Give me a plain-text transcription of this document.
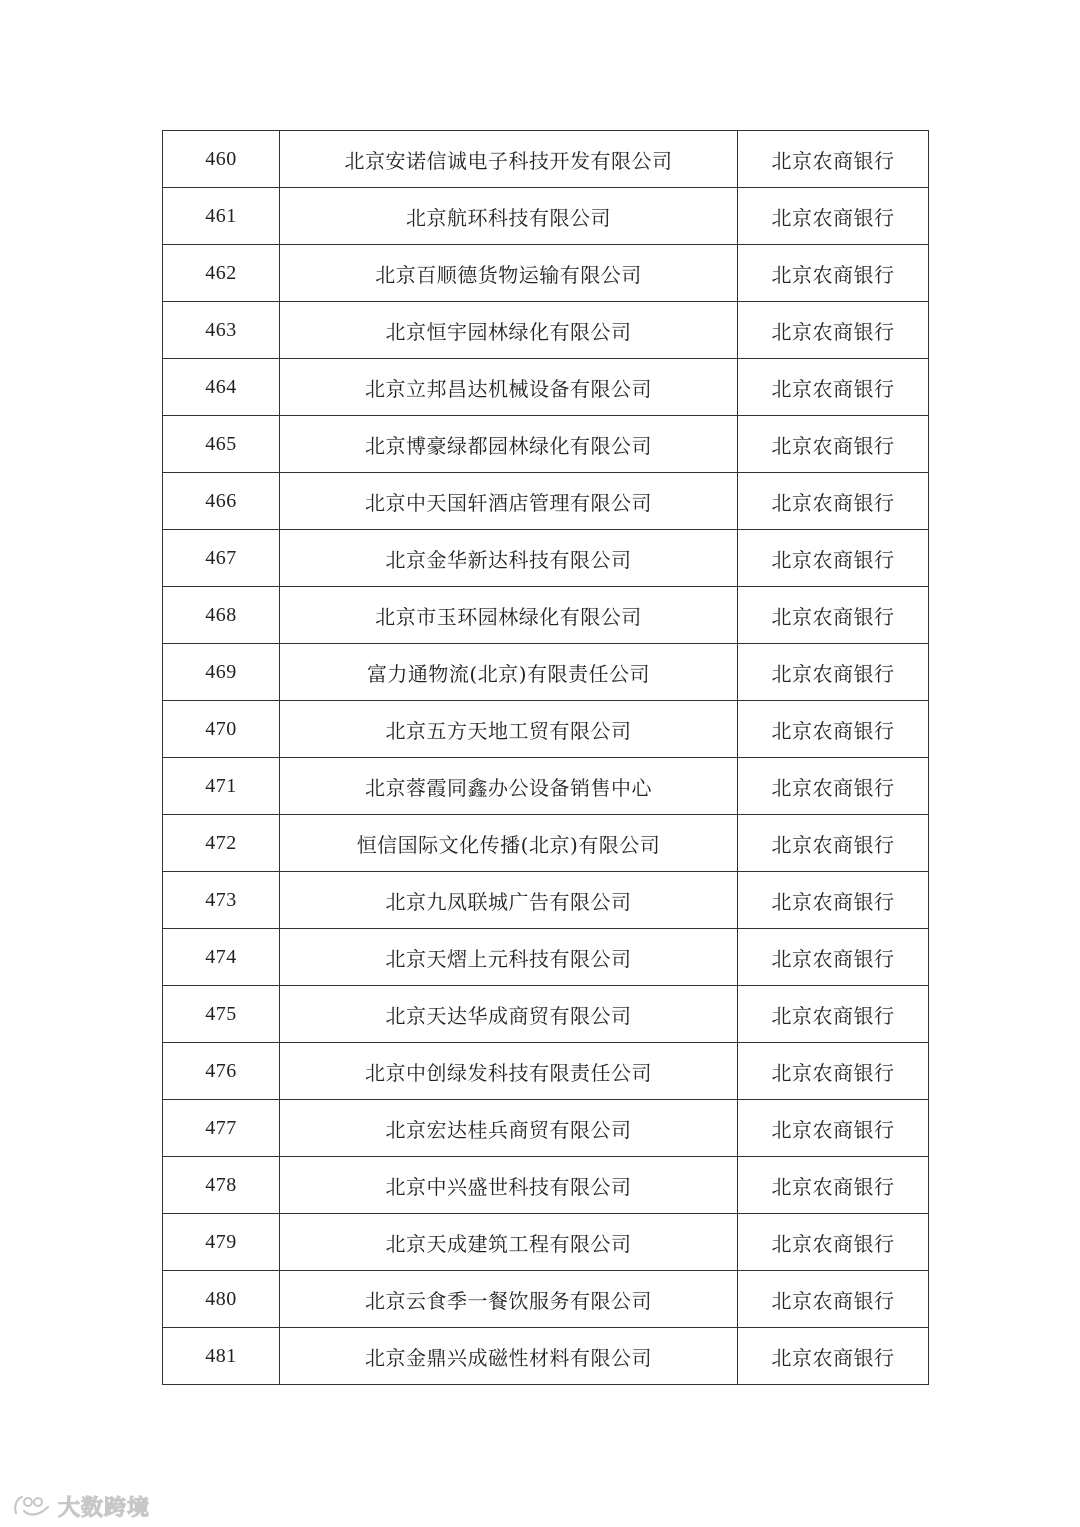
460	北京安诺信诚电子科技开发有限公司	北京农商银行
461	北京航环科技有限公司	北京农商银行
462	北京百顺德货物运输有限公司	北京农商银行
463	北京恒宇园林绿化有限公司	北京农商银行
464	北京立邦昌达机械设备有限公司	北京农商银行
465	北京博豪绿都园林绿化有限公司	北京农商银行
466	北京中天国轩酒店管理有限公司	北京农商银行
467	北京金华新达科技有限公司	北京农商银行
468	北京市玉环园林绿化有限公司	北京农商银行
469	富力通物流(北京)有限责任公司	北京农商银行
470	北京五方天地工贸有限公司	北京农商银行
471	北京蓉霞同鑫办公设备销售中心	北京农商银行
472	恒信国际文化传播(北京)有限公司	北京农商银行
473	北京九凤联城广告有限公司	北京农商银行
474	北京天熠上元科技有限公司	北京农商银行
475	北京天达华成商贸有限公司	北京农商银行
476	北京中创绿发科技有限责任公司	北京农商银行
477	北京宏达桂兵商贸有限公司	北京农商银行
478	北京中兴盛世科技有限公司	北京农商银行
479	北京天成建筑工程有限公司	北京农商银行
480	北京云食季一餐饮服务有限公司	北京农商银行
481	北京金鼎兴成磁性材料有限公司	北京农商银行
大数跨境
